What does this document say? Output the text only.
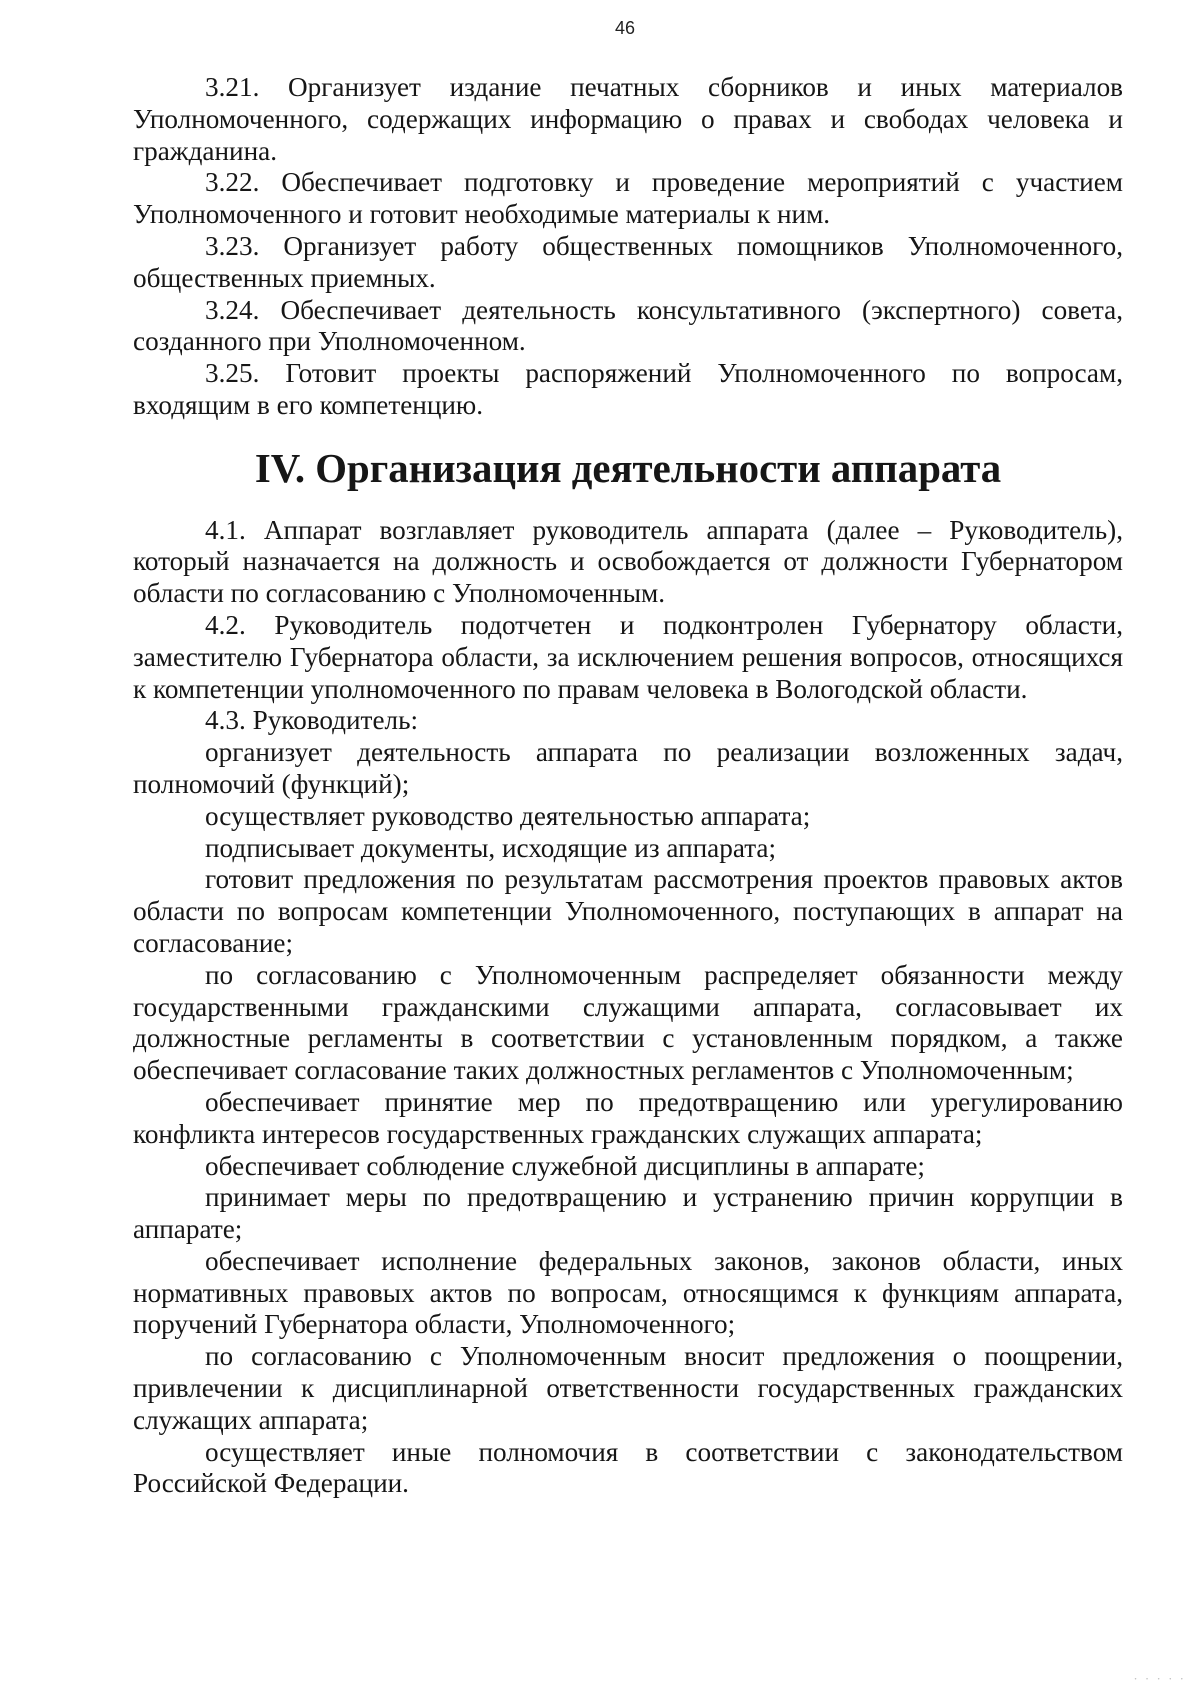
46

3.21. Организует издание печатных сборников и иных материалов Уполномоченного, содержащих информацию о правах и свободах человека и гражданина.

3.22. Обеспечивает подготовку и проведение мероприятий с участием Уполномоченного и готовит необходимые материалы к ним.

3.23. Организует работу общественных помощников Уполномоченного, общественных приемных.

3.24. Обеспечивает деятельность консультативного (экспертного) совета, созданного при Уполномоченном.

3.25. Готовит проекты распоряжений Уполномоченного по вопросам, входящим в его компетенцию.

IV. Организация деятельности аппарата

4.1. Аппарат возглавляет руководитель аппарата (далее – Руководитель), который назначается на должность и освобождается от должности Губернатором области по согласованию с Уполномоченным.

4.2. Руководитель подотчетен и подконтролен Губернатору области, заместителю Губернатора области, за исключением решения вопросов, относящихся к компетенции уполномоченного по правам человека в Вологодской области.

4.3. Руководитель:

организует деятельность аппарата по реализации возложенных задач, полномочий (функций);

осуществляет руководство деятельностью аппарата;

подписывает документы, исходящие из аппарата;

готовит предложения по результатам рассмотрения проектов правовых актов области по вопросам компетенции Уполномоченного, поступающих в аппарат на согласование;

по согласованию с Уполномоченным распределяет обязанности между государственными гражданскими служащими аппарата, согласовывает их должностные регламенты в соответствии с установленным порядком, а также обеспечивает согласование таких должностных регламентов с Уполномоченным;

обеспечивает принятие мер по предотвращению или урегулированию конфликта интересов государственных гражданских служащих аппарата;

обеспечивает соблюдение служебной дисциплины в аппарате;

принимает меры по предотвращению и устранению причин коррупции в аппарате;

обеспечивает исполнение федеральных законов, законов области, иных нормативных правовых актов по вопросам, относящимся к функциям аппарата, поручений Губернатора области, Уполномоченного;

по согласованию с Уполномоченным вносит предложения о поощрении, привлечении к дисциплинарной ответственности государственных гражданских служащих аппарата;

осуществляет иные полномочия в соответствии с законодательством Российской Федерации.

· · · · ·
